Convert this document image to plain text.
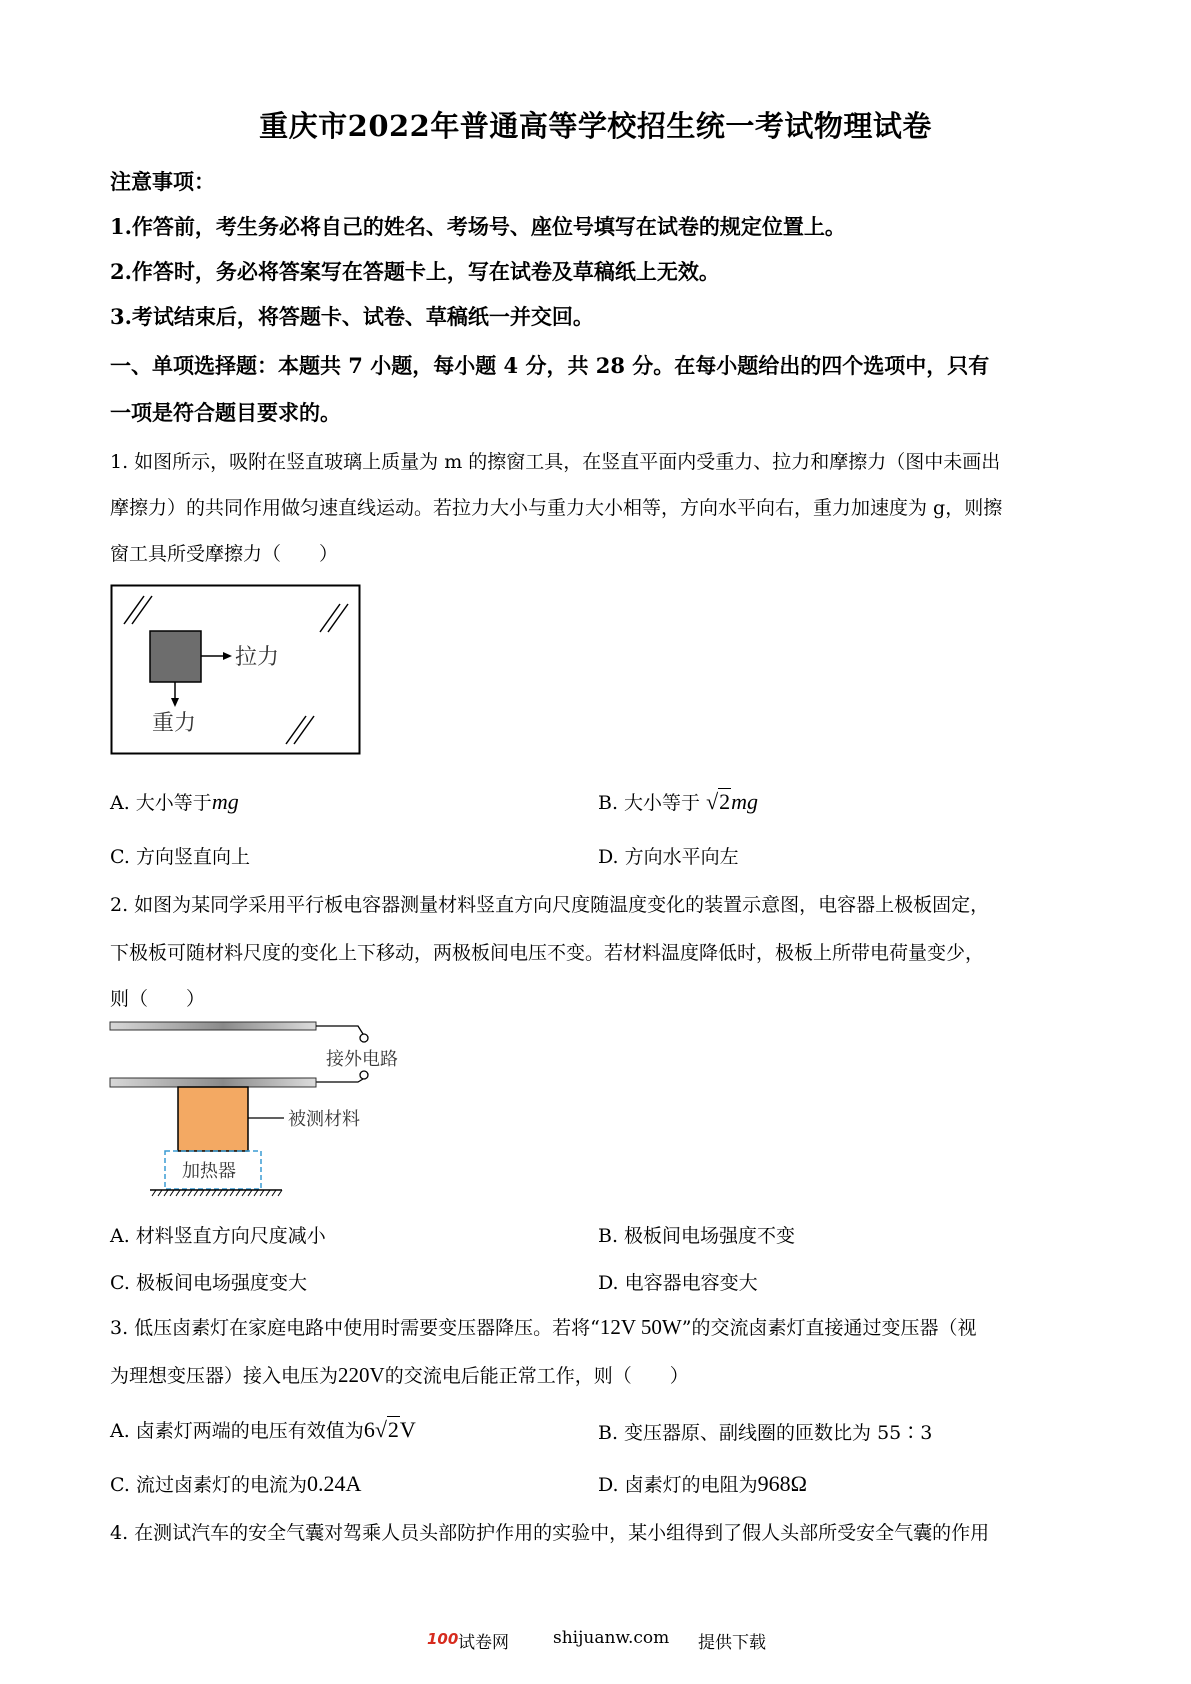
重庆市2022年普通高等学校招生统一考试物理试卷
注意事项：
1.作答前，考生务必将自己的姓名、考场号、座位号填写在试卷的规定位置上。
2.作答时，务必将答案写在答题卡上，写在试卷及草稿纸上无效。
3.考试结束后，将答题卡、试卷、草稿纸一并交回。
一、单项选择题：本题共 7 小题，每小题 4 分，共 28 分。在每小题给出的四个选项中，只有
一项是符合题目要求的。
1. 如图所示，吸附在竖直玻璃上质量为 m 的擦窗工具，在竖直平面内受重力、拉力和摩擦力（图中未画出
摩擦力）的共同作用做匀速直线运动。若拉力大小与重力大小相等，方向水平向右，重力加速度为 g，则擦
窗工具所受摩擦力（　　）
拉力
重力
A. 大小等于mg	B. 大小等于 √2mg
C. 方向竖直向上	D. 方向水平向左
2. 如图为某同学采用平行板电容器测量材料竖直方向尺度随温度变化的装置示意图，电容器上极板固定，
下极板可随材料尺度的变化上下移动，两极板间电压不变。若材料温度降低时，极板上所带电荷量变少，
则（　　）
接外电路
被测材料
加热器
A. 材料竖直方向尺度减小	B. 极板间电场强度不变
C. 极板间电场强度变大	D. 电容器电容变大
3. 低压卤素灯在家庭电路中使用时需要变压器降压。若将“12V 50W”的交流卤素灯直接通过变压器（视
为理想变压器）接入电压为220V的交流电后能正常工作，则（　　）
A. 卤素灯两端的电压有效值为6√2V	B. 变压器原、副线圈的匝数比为 55∶3
C. 流过卤素灯的电流为0.24A	D. 卤素灯的电阻为968Ω
4. 在测试汽车的安全气囊对驾乘人员头部防护作用的实验中，某小组得到了假人头部所受安全气囊的作用
100 试卷网	shijuanw.com 提供下载
